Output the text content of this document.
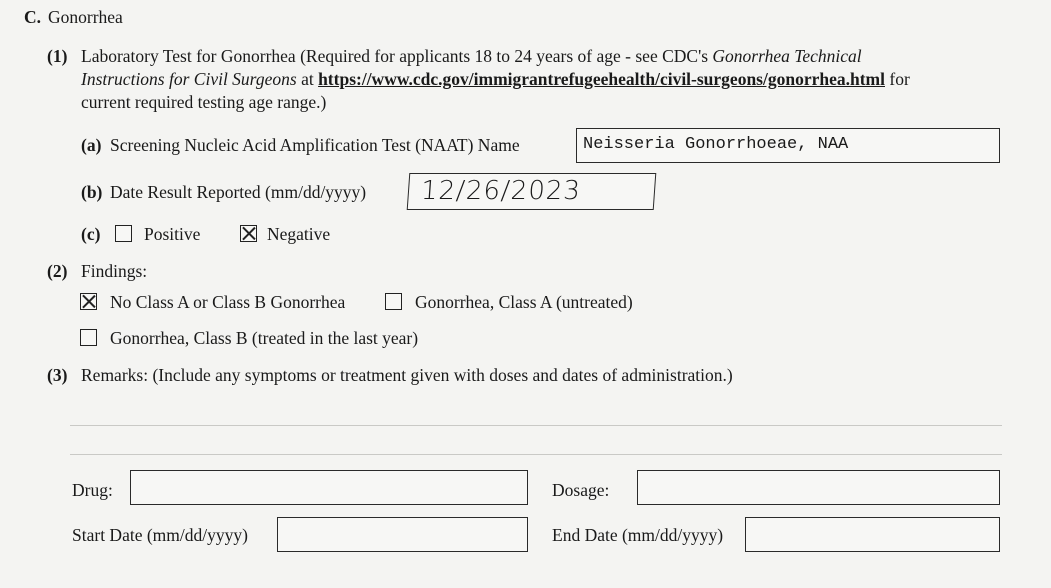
C. Gonorrhea
(1) Laboratory Test for Gonorrhea (Required for applicants 18 to 24 years of age - see CDC's Gonorrhea Technical
Instructions for Civil Surgeons at https://www.cdc.gov/immigrantrefugeehealth/civil-surgeons/gonorrhea.html for
current required testing age range.)
(a) Screening Nucleic Acid Amplification Test (NAAT) Name	Neisseria Gonorrhoeae, NAA
(b) Date Result Reported (mm/dd/yyyy)	12/26/2023
(c) Positive	Negative
(2) Findings:
No Class A or Class B Gonorrhea	Gonorrhea, Class A (untreated)
Gonorrhea, Class B (treated in the last year)
(3) Remarks: (Include any symptoms or treatment given with doses and dates of administration.)
Drug:	Dosage:
Start Date (mm/dd/yyyy)	End Date (mm/dd/yyyy)
